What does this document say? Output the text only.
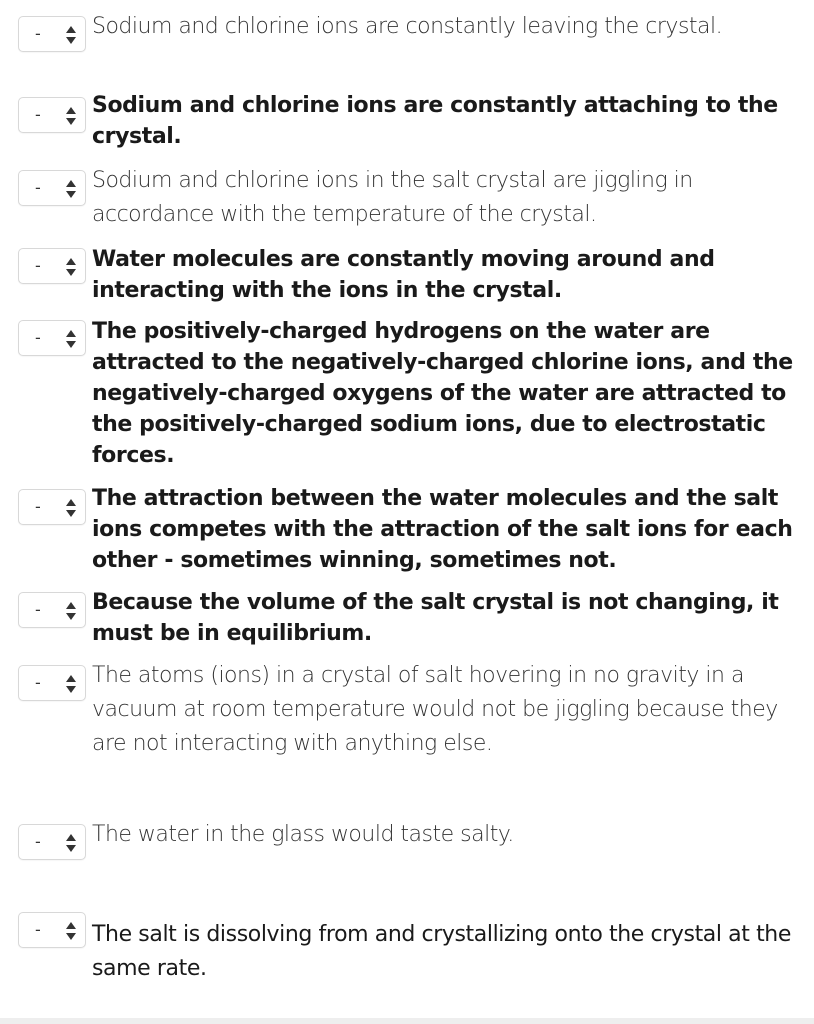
- Sodium and chlorine ions are constantly leaving the crystal.

- Sodium and chlorine ions are constantly attaching to the crystal.

- Sodium and chlorine ions in the salt crystal are jiggling in accordance with the temperature of the crystal.

- Water molecules are constantly moving around and interacting with the ions in the crystal.

- The positively-charged hydrogens on the water are attracted to the negatively-charged chlorine ions, and the negatively-charged oxygens of the water are attracted to the positively-charged sodium ions, due to electrostatic forces.

- The attraction between the water molecules and the salt ions competes with the attraction of the salt ions for each other - sometimes winning, sometimes not.

- Because the volume of the salt crystal is not changing, it must be in equilibrium.

- The atoms (ions) in a crystal of salt hovering in no gravity in a vacuum at room temperature would not be jiggling because they are not interacting with anything else.

- The water in the glass would taste salty.

- The salt is dissolving from and crystallizing onto the crystal at the same rate.
